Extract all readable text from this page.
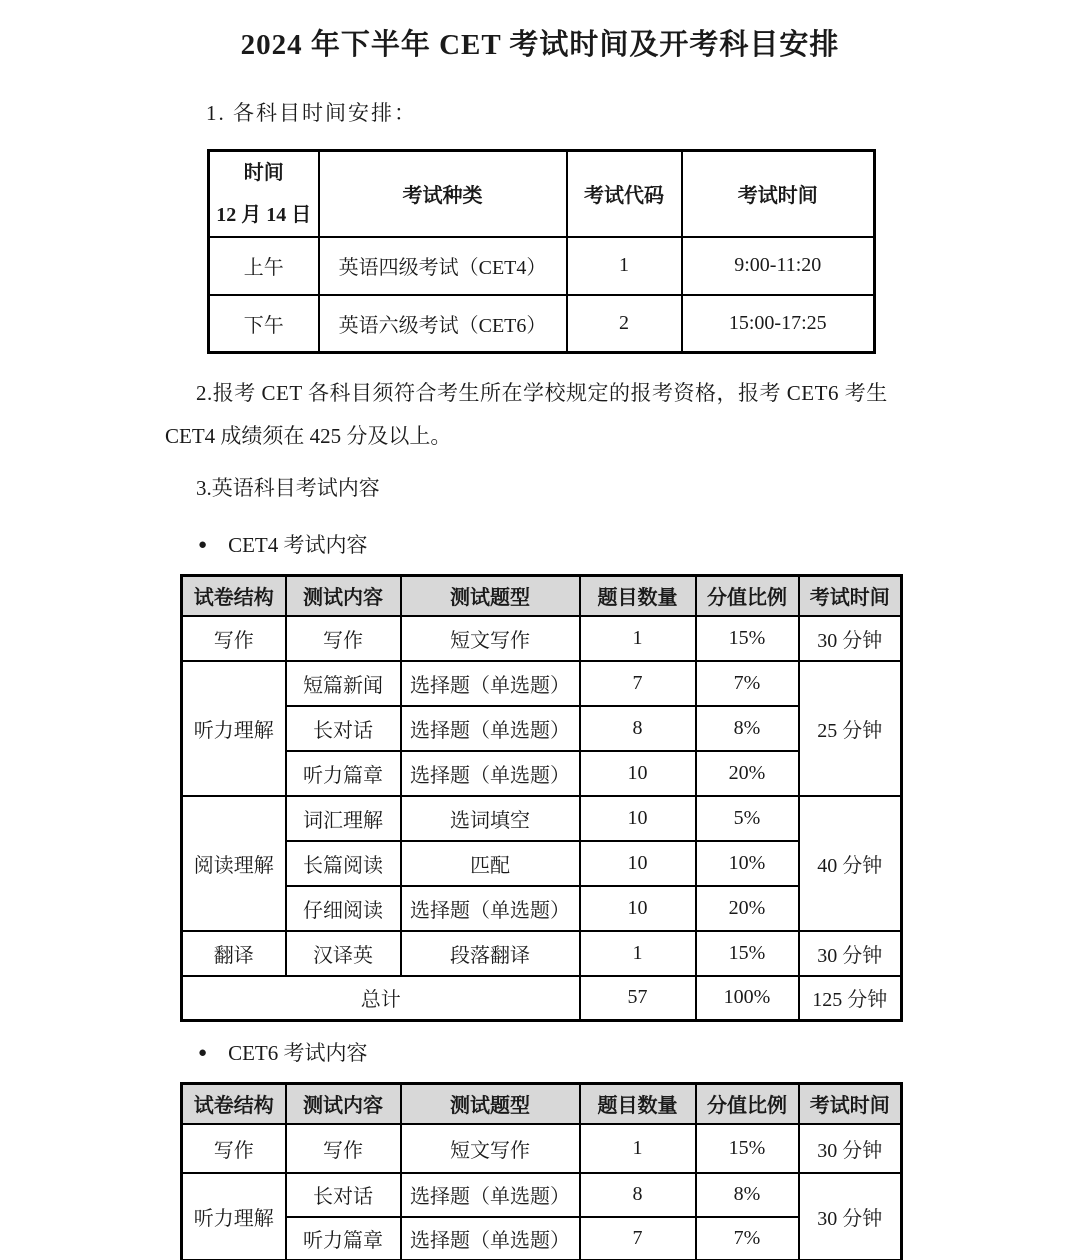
2024 年下半年 CET 考试时间及开考科目安排
1. 各科目时间安排：
时间
12 月 14 日	考试种类	考试代码	考试时间
上午	英语四级考试（CET4）	1	9:00-11:20
下午	英语六级考试（CET6）	2	15:00-17:25
2.报考 CET 各科目须符合考生所在学校规定的报考资格，报考 CET6 考生
CET4 成绩须在 425 分及以上。
3.英语科目考试内容
● CET4 考试内容
试卷结构	测试内容	测试题型	题目数量	分值比例	考试时间
写作	写作	短文写作	1	15%	30 分钟
听力理解	短篇新闻	选择题（单选题）	7	7%	25 分钟
	长对话	选择题（单选题）	8	8%	
	听力篇章	选择题（单选题）	10	20%	
阅读理解	词汇理解	选词填空	10	5%	40 分钟
	长篇阅读	匹配	10	10%	
	仔细阅读	选择题（单选题）	10	20%	
翻译	汉译英	段落翻译	1	15%	30 分钟
总计			57	100%	125 分钟
● CET6 考试内容
试卷结构	测试内容	测试题型	题目数量	分值比例	考试时间
写作	写作	短文写作	1	15%	30 分钟
听力理解	长对话	选择题（单选题）	8	8%	30 分钟
	听力篇章	选择题（单选题）	7	7%	
